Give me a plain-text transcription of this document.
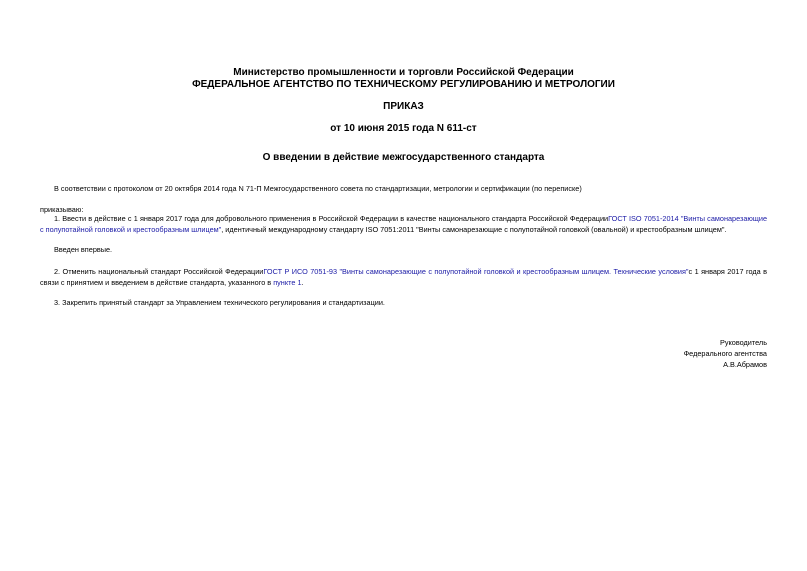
Министерство промышленности и торговли Российской Федерации
ФЕДЕРАЛЬНОЕ АГЕНТСТВО ПО ТЕХНИЧЕСКОМУ РЕГУЛИРОВАНИЮ И МЕТРОЛОГИИ
ПРИКАЗ
от 10 июня 2015 года N 611-ст
О введении в действие межгосударственного стандарта
В соответствии с протоколом от 20 октября 2014 года N 71-П Межгосударственного совета по стандартизации, метрологии и сертификации (по переписке)
приказываю:
1. Ввести в действие с 1 января 2017 года для добровольного применения в Российской Федерации в качестве национального стандарта Российской ФедерацииГОСТ ISO 7051-2014 "Винты самонарезающие с полупотайной головкой и крестообразным шлицем", идентичный международному стандарту ISO 7051:2011 "Винты самонарезающие с полупотайной головкой (овальной) и крестообразным шлицем".
Введен впервые.
2. Отменить национальный стандарт Российской ФедерацииГОСТ Р ИСО 7051-93 "Винты самонарезающие с полупотайной головкой и крестообразным шлицем. Технические условия"с 1 января 2017 года в связи с принятием и введением в действие стандарта, указанного в пункте 1.
3. Закрепить принятый стандарт за Управлением технического регулирования и стандартизации.
Руководитель
Федерального агентства
А.В.Абрамов
